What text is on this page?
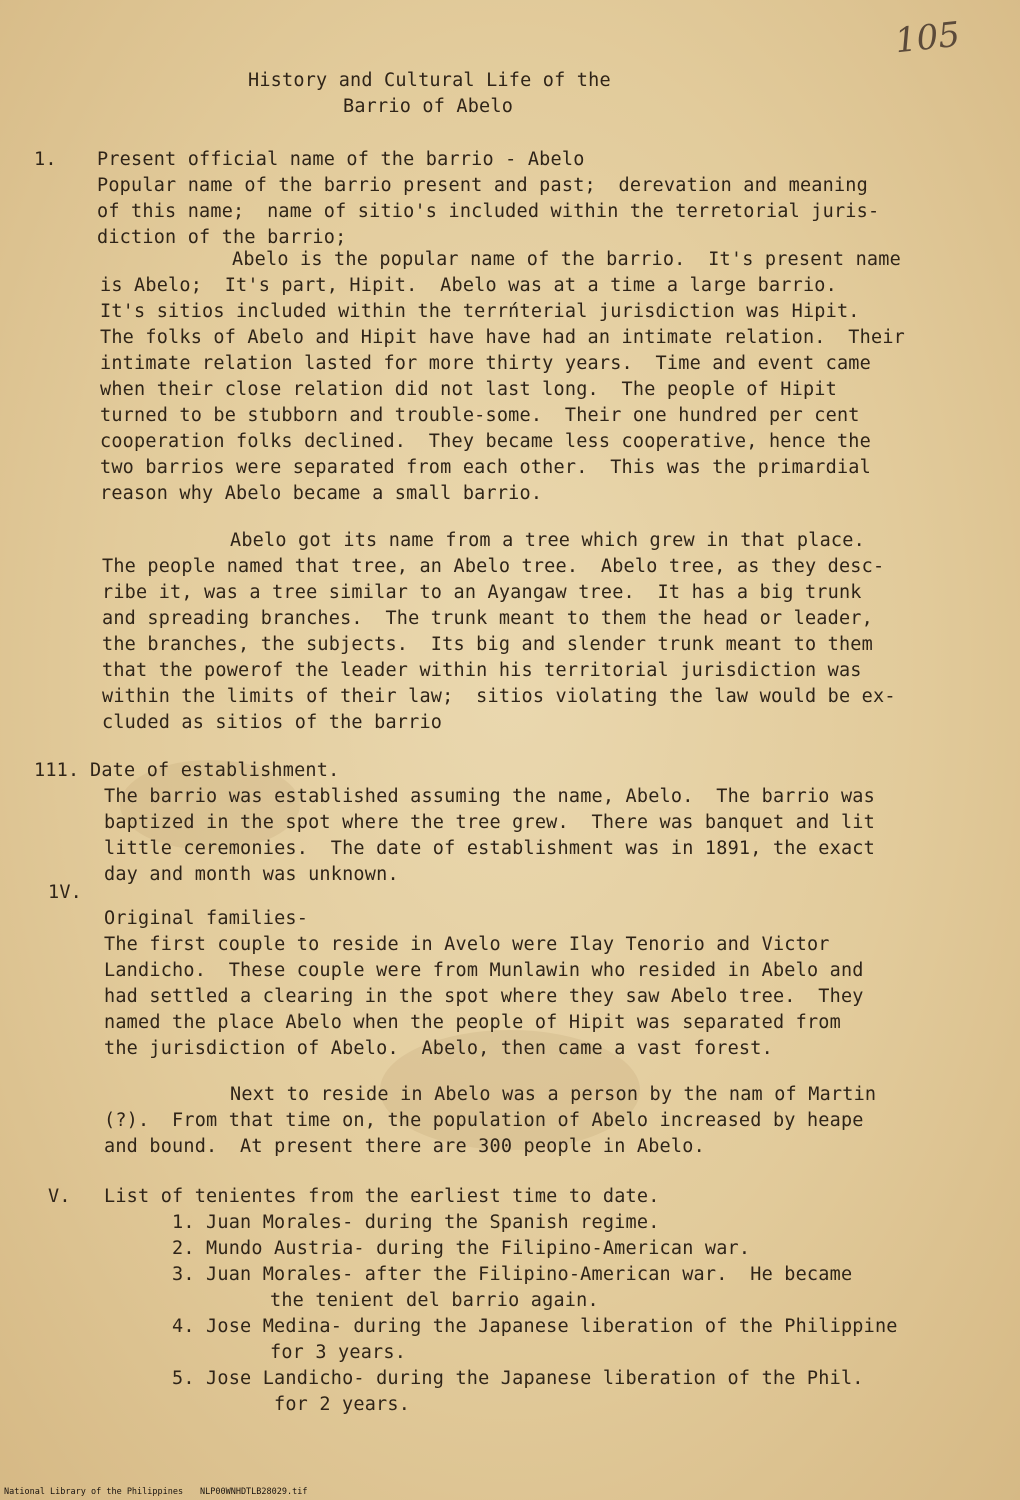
105
History and Cultural Life of the
Barrio of Abelo
1. Present official name of the barrio - Abelo
Popular name of the barrio present and past;  derevation and meaning
of this name;  name of sitio's included within the terretorial juris-
diction of the barrio;
Abelo is the popular name of the barrio.  It's present name
is Abelo;  It's part, Hipit.  Abelo was at a time a large barrio.
It's sitios included within the terrńterial jurisdiction was Hipit.
The folks of Abelo and Hipit have have had an intimate relation.  Their
intimate relation lasted for more thirty years.  Time and event came
when their close relation did not last long.  The people of Hipit
turned to be stubborn and trouble-some.  Their one hundred per cent
cooperation folks declined.  They became less cooperative, hence the
two barrios were separated from each other.  This was the primardial
reason why Abelo became a small barrio.
Abelo got its name from a tree which grew in that place.
The people named that tree, an Abelo tree.  Abelo tree, as they desc-
ribe it, was a tree similar to an Ayangaw tree.  It has a big trunk
and spreading branches.  The trunk meant to them the head or leader,
the branches, the subjects.  Its big and slender trunk meant to them
that the powerof the leader within his territorial jurisdiction was
within the limits of their law;  sitios violating the law would be ex-
cluded as sitios of the barrio
111. Date of establishment.
The barrio was established assuming the name, Abelo.  The barrio was
baptized in the spot where the tree grew.  There was banquet and lit
little ceremonies.  The date of establishment was in 1891, the exact
day and month was unknown.
1V.
Original families-
The first couple to reside in Avelo were Ilay Tenorio and Victor
Landicho.  These couple were from Munlawin who resided in Abelo and
had settled a clearing in the spot where they saw Abelo tree.  They
named the place Abelo when the people of Hipit was separated from
the jurisdiction of Abelo.  Abelo, then came a vast forest.
Next to reside in Abelo was a person by the nam of Martin
(?).  From that time on, the population of Abelo increased by heape
and bound.  At present there are 300 people in Abelo.
V. List of tenientes from the earliest time to date.
1. Juan Morales- during the Spanish regime.
2. Mundo Austria- during the Filipino-American war.
3. Juan Morales- after the Filipino-American war.  He became
the tenient del barrio again.
4. Jose Medina- during the Japanese liberation of the Philippine
for 3 years.
5. Jose Landicho- during the Japanese liberation of the Phil.
for 2 years.
National Library of the Philippines NLP00WNHDTLB28029.tif
